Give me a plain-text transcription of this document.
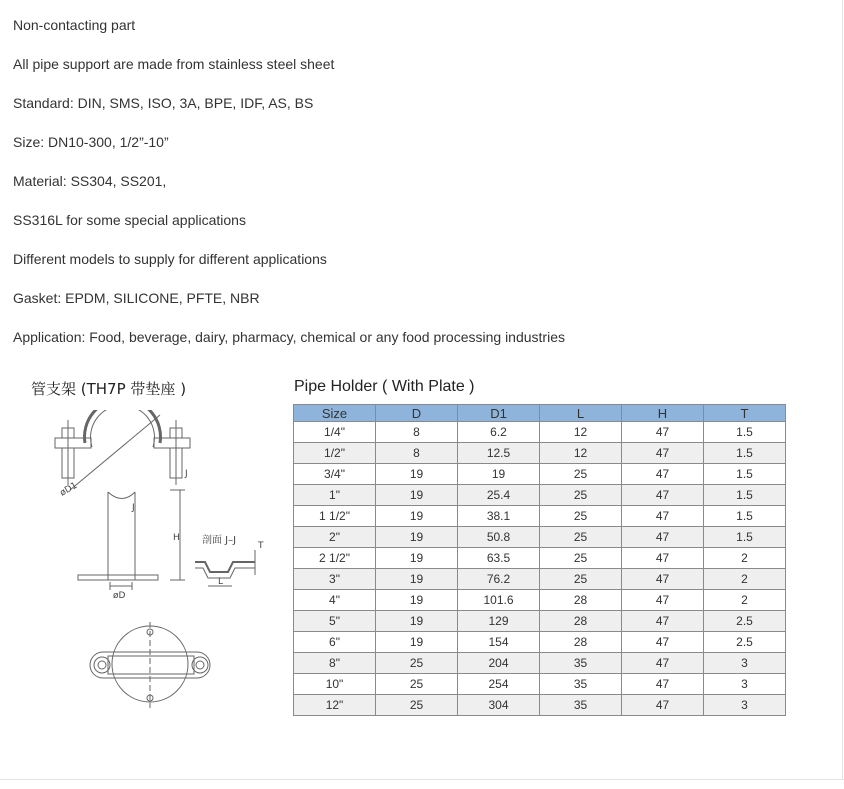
Non-contacting part

All pipe support are made from stainless steel sheet

Standard: DIN, SMS, ISO, 3A, BPE, IDF, AS, BS

Size: DN10-300, 1/2”-10”

Material: SS304, SS201,

SS316L for some special applications

Different models to supply for different applications

Gasket: EPDM, SILICONE, PFTE, NBR

Application: Food, beverage, dairy, pharmacy, chemical or any food processing industries

管支架 (TH7P 带垫座 )	Pipe Holder ( With Plate )
øD1
H
J
J
剖面 J–J
L
T
øD
Size	D	D1	L	H	T
1/4"	8	6.2	12	47	1.5
1/2"	8	12.5	12	47	1.5
3/4"	19	19	25	47	1.5
1"	19	25.4	25	47	1.5
1 1/2"	19	38.1	25	47	1.5
2"	19	50.8	25	47	1.5
2 1/2"	19	63.5	25	47	2
3"	19	76.2	25	47	2
4"	19	101.6	28	47	2
5"	19	129	28	47	2.5
6"	19	154	28	47	2.5
8"	25	204	35	47	3
10"	25	254	35	47	3
12"	25	304	35	47	3
